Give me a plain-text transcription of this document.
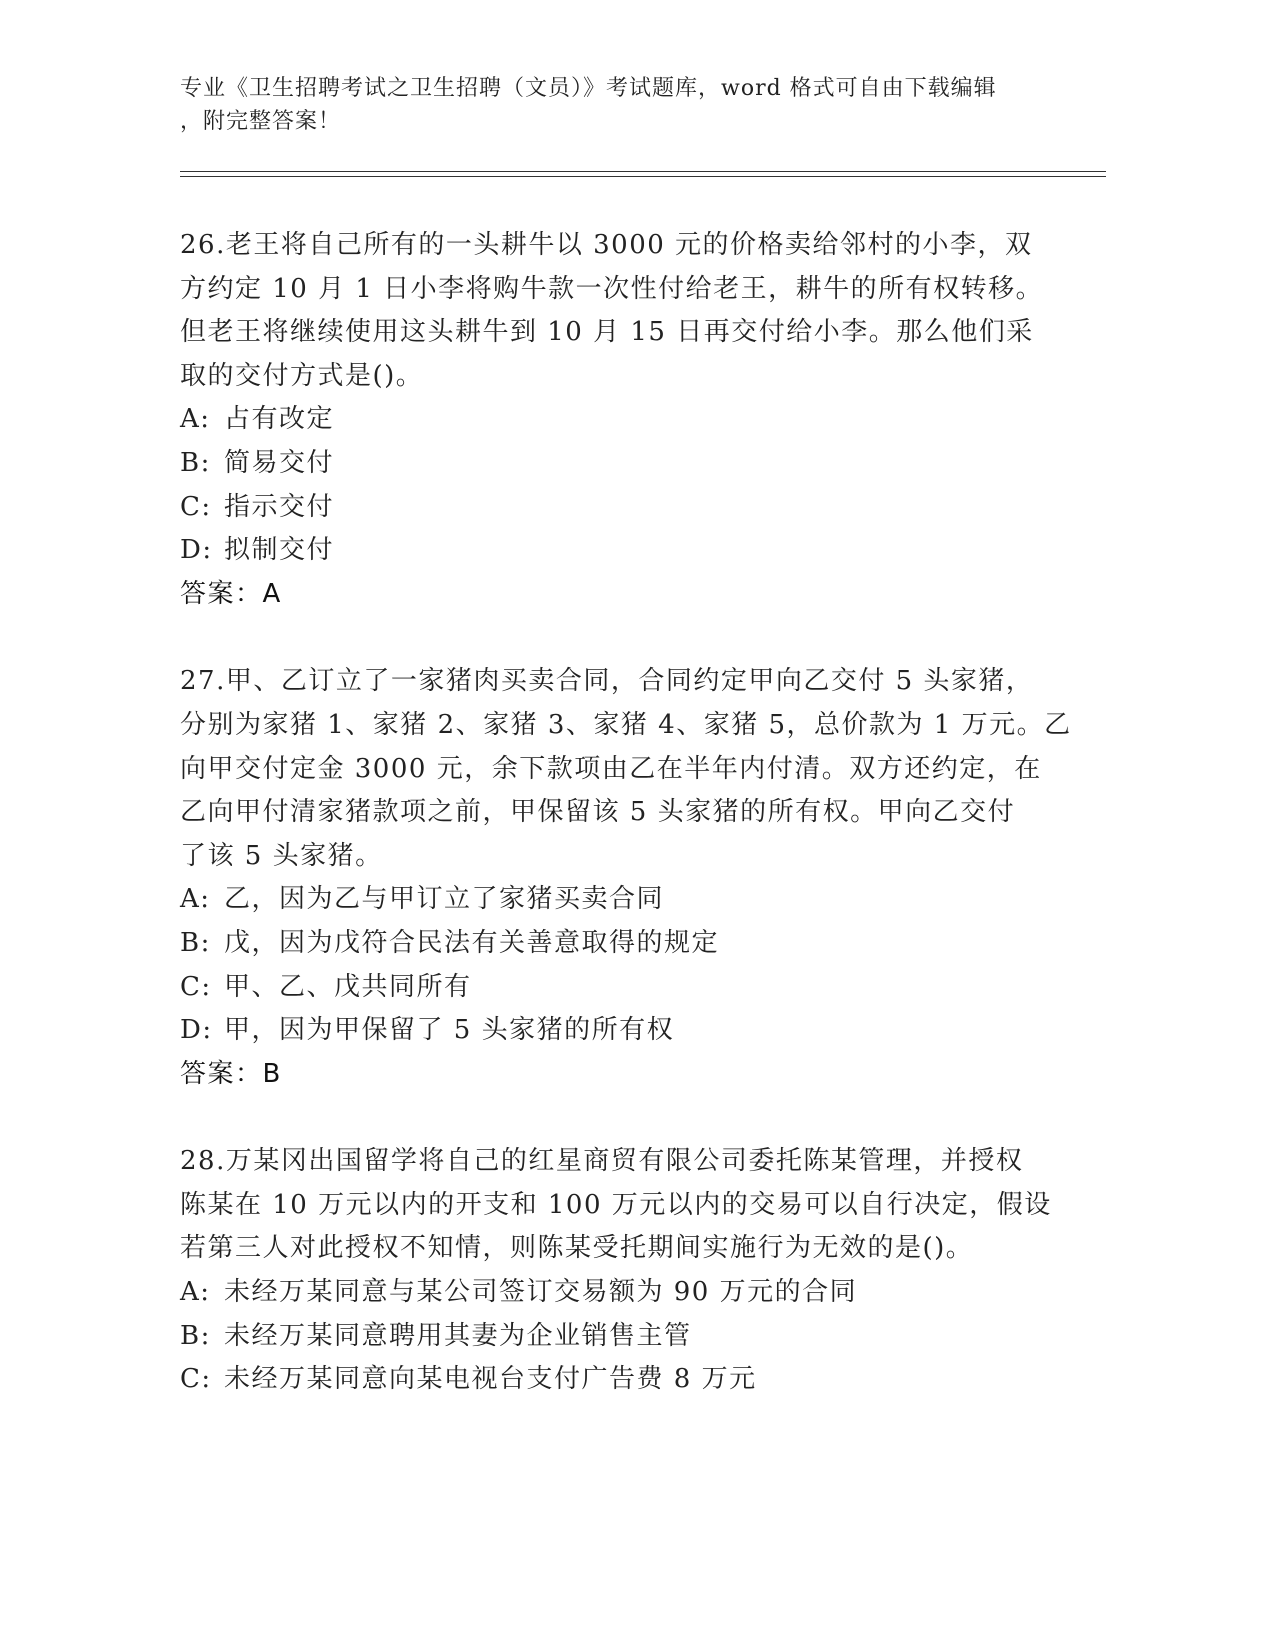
专业《卫生招聘考试之卫生招聘（文员）》考试题库，word 格式可自由下载编辑
，附完整答案！
26.老王将自己所有的一头耕牛以 3000 元的价格卖给邻村的小李，双
方约定 10 月 1 日小李将购牛款一次性付给老王，耕牛的所有权转移。
但老王将继续使用这头耕牛到 10 月 15 日再交付给小李。那么他们采
取的交付方式是()。
A: 占有改定
B: 简易交付
C: 指示交付
D: 拟制交付
答案：A
27.甲、乙订立了一家猪肉买卖合同，合同约定甲向乙交付 5 头家猪，
分别为家猪 1、家猪 2、家猪 3、家猪 4、家猪 5，总价款为 1 万元。乙
向甲交付定金 3000 元，余下款项由乙在半年内付清。双方还约定，在
乙向甲付清家猪款项之前，甲保留该 5 头家猪的所有权。甲向乙交付
了该 5 头家猪。
A: 乙，因为乙与甲订立了家猪买卖合同
B: 戊，因为戊符合民法有关善意取得的规定
C: 甲、乙、戊共同所有
D: 甲，因为甲保留了 5 头家猪的所有权
答案：B
28.万某冈出国留学将自己的红星商贸有限公司委托陈某管理，并授权
陈某在 10 万元以内的开支和 100 万元以内的交易可以自行决定，假设
若第三人对此授权不知情，则陈某受托期间实施行为无效的是()。
A: 未经万某同意与某公司签订交易额为 90 万元的合同
B: 未经万某同意聘用其妻为企业销售主管
C: 未经万某同意向某电视台支付广告费 8 万元
